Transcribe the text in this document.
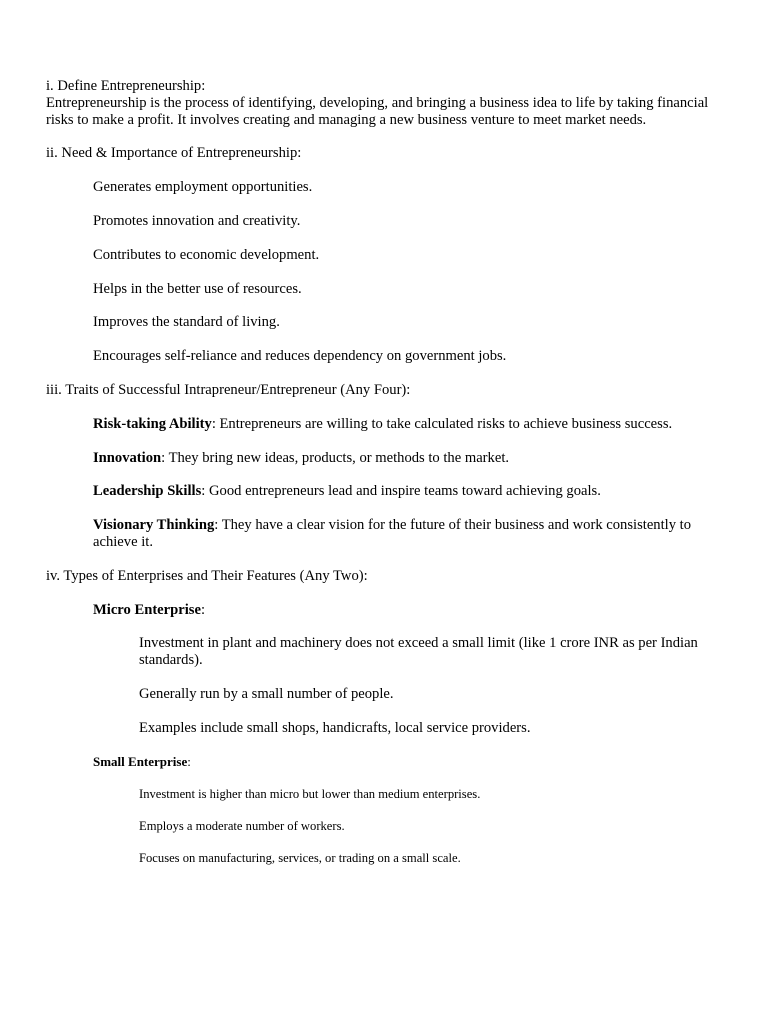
i. Define Entrepreneurship:

Entrepreneurship is the process of identifying, developing, and bringing a business idea to life by taking financial risks to make a profit. It involves creating and managing a new business venture to meet market needs.

ii. Need & Importance of Entrepreneurship:

Generates employment opportunities.

Promotes innovation and creativity.

Contributes to economic development.

Helps in the better use of resources.

Improves the standard of living.

Encourages self-reliance and reduces dependency on government jobs.

iii. Traits of Successful Intrapreneur/Entrepreneur (Any Four):

Risk-taking Ability: Entrepreneurs are willing to take calculated risks to achieve business success.

Innovation: They bring new ideas, products, or methods to the market.

Leadership Skills: Good entrepreneurs lead and inspire teams toward achieving goals.

Visionary Thinking: They have a clear vision for the future of their business and work consistently to achieve it.

iv. Types of Enterprises and Their Features (Any Two):

Micro Enterprise:

Investment in plant and machinery does not exceed a small limit (like 1 crore INR as per Indian standards).

Generally run by a small number of people.

Examples include small shops, handicrafts, local service providers.

Small Enterprise:

Investment is higher than micro but lower than medium enterprises.

Employs a moderate number of workers.

Focuses on manufacturing, services, or trading on a small scale.
